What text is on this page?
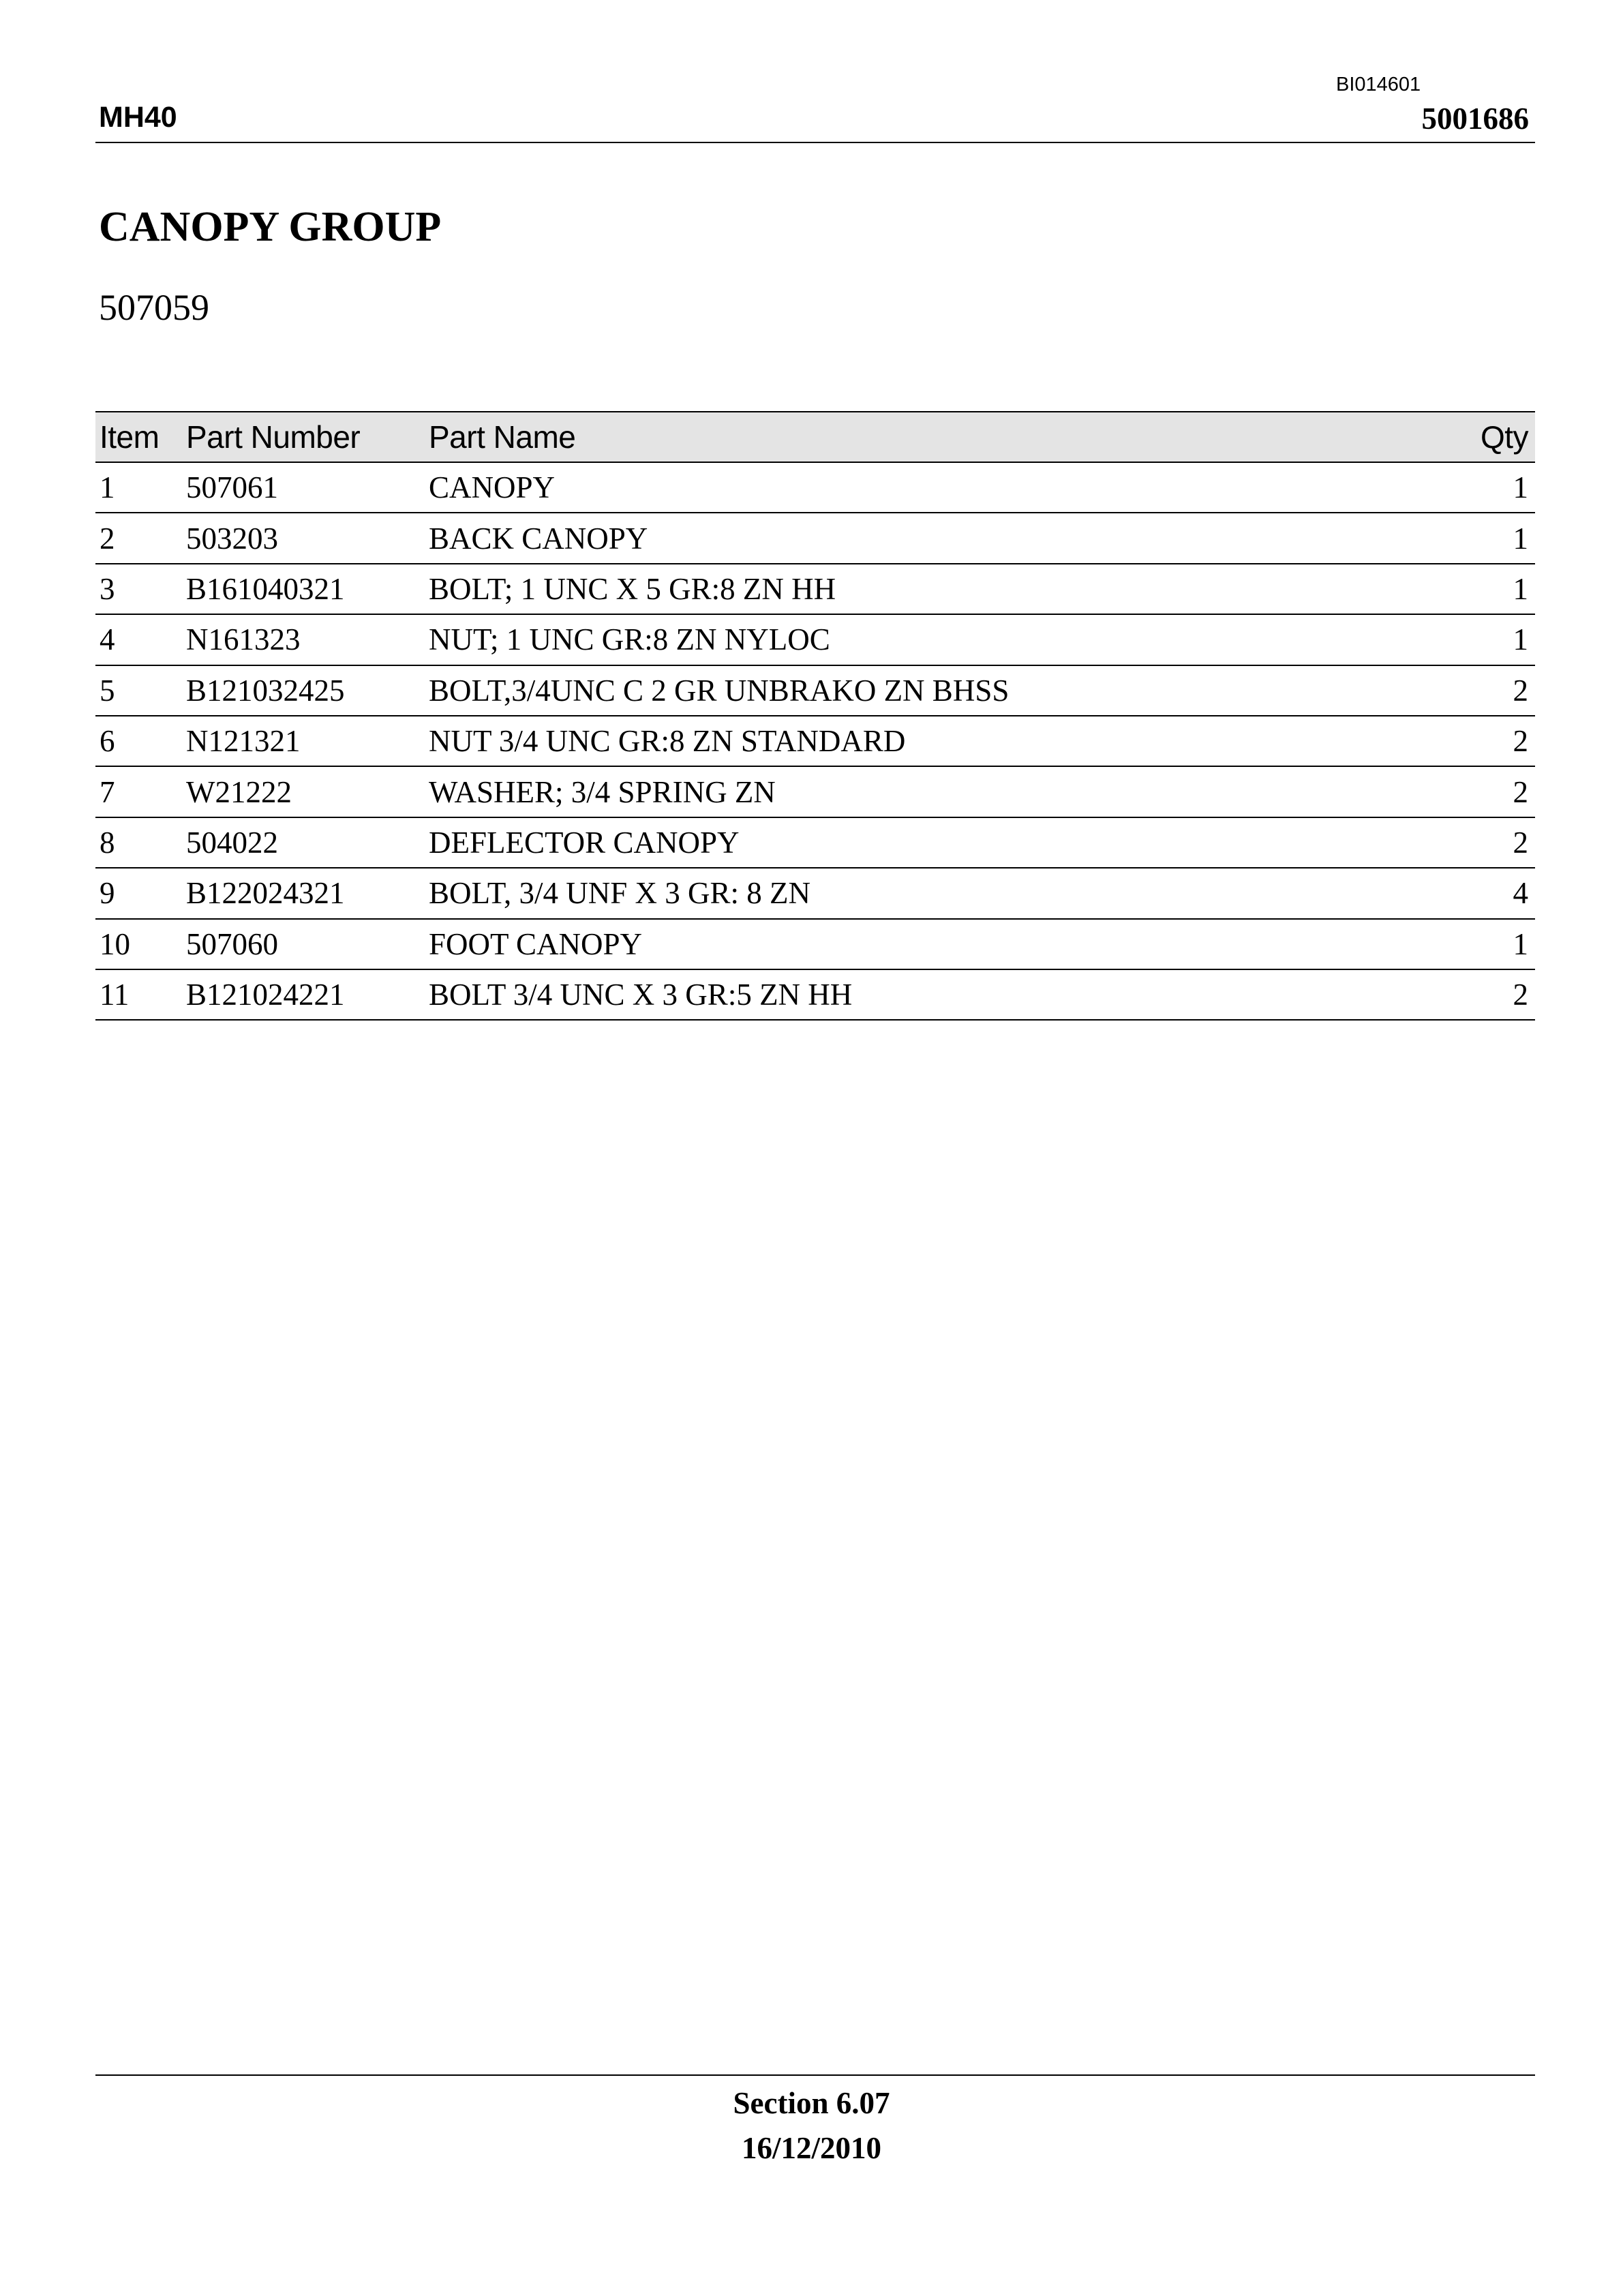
BI014601
MH40	5001686
CANOPY GROUP
507059
Item	Part Number	Part Name	Qty
1	507061	CANOPY	1
2	503203	BACK CANOPY	1
3	B161040321	BOLT; 1 UNC X 5 GR:8 ZN HH	1
4	N161323	NUT; 1 UNC GR:8 ZN NYLOC	1
5	B121032425	BOLT,3/4UNC C 2 GR UNBRAKO ZN BHSS	2
6	N121321	NUT 3/4 UNC GR:8 ZN STANDARD	2
7	W21222	WASHER; 3/4 SPRING ZN	2
8	504022	DEFLECTOR CANOPY	2
9	B122024321	BOLT, 3/4 UNF X 3 GR: 8 ZN	4
10	507060	FOOT CANOPY	1
11	B121024221	BOLT 3/4 UNC X 3 GR:5 ZN HH	2
Section 6.07
16/12/2010
